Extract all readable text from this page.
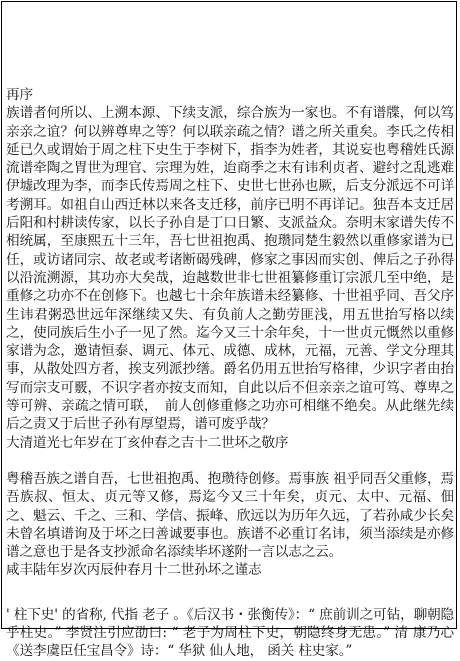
再序

族谱者何所以、上溯本源、下续支派，综合族为一家也。不有谱牒，何以笃亲亲之谊？何以辨尊卑之等？何以联亲疏之情？谱之所关重矣。李氏之传相延已久或谓始于周之柱下史生于李树下，指李为姓者，其说妄也粤稽姓氏源流谱牵陶之胃世为理官、宗理为姓，迨商季之末有讳利贞者、避纣之乱逃难伊墟改理为李，而李氏传焉周之柱下、史世七世孙也厥，后支分派远不可详考溯耳。如祖自山西迁林以来各支迁移，前序已明不再详记。独吾本支迁居后阳和村耕读传家，以长子孙自是丁口日繁、支派益众。奈明末家谱失传不相统属，至康熙五十三年，吾七世祖抱禹、抱瓒同楚生毅然以重修家谱为已任，或访诸同宗、故老或考诸断碣残碑，修家之事因而实创、俾后之子孙得以沿流溯源，其功亦大矣哉，迨越数世非七世祖纂修重订宗派几至中绝，是重修之功亦不在创修下。也越七十余年族谱未经纂修、十世祖乎同、吾父序生讳君粥恐世远年深继续又失、有负前人之勤劳匪浅，用五世抬写格以续之，使同族后生小子一见了然。迄今又三十余年矣，十一世贞元慨然以重修家谱为念，邀请恒泰、调元、体元、成德、成林，元福，元善、学文分理其事，从散处四方者，挨支列派抄缮。爵名仍用五世抬写格律，少识字者由抬写而宗支可覈，不识字者亦按支而知，自此以后不但亲亲之谊可笃、尊卑之等可辨、亲疏之情可联，　前人创修重修之功亦可相继不绝矣。从此继先续后之责又于后世子孙有厚望焉，谱可废乎哉？

大清道光七年岁在丁亥仲春之吉十二世坏之敬序

粤稽吾族之谱自吾，七世祖抱禹、抱瓒待创修。焉事族 祖乎同吾父重修，焉吾族叔、恒太、贞元等又修，焉迄今又三十年矣，贞元、太中、元福、佃之、魁云、千之、三和、学信、振峰、欣远以为历年久远，了若孙咸少长矣未曾名填谱询及于坏之曰善诚要事也。族谱不必重订名讳，须当添续是亦修谱之意也于是各支抄派命名添续毕坏遂附一言以志之云。

咸丰陆年岁次丙辰仲春月十二世孙坏之谨志

' 柱下史' 的省称, 代指 老子 。《后汉书・张衡传》：“ 庶前训之可钻，聊朝隐乎柱史。” 李贤注引应劭曰: “ 老子为周柱下史，朝隐终身无患。” 清 康乃心 《送李虞臣任宝昌令》诗：“ 华狱 仙人地， 函关 柱史家。”
